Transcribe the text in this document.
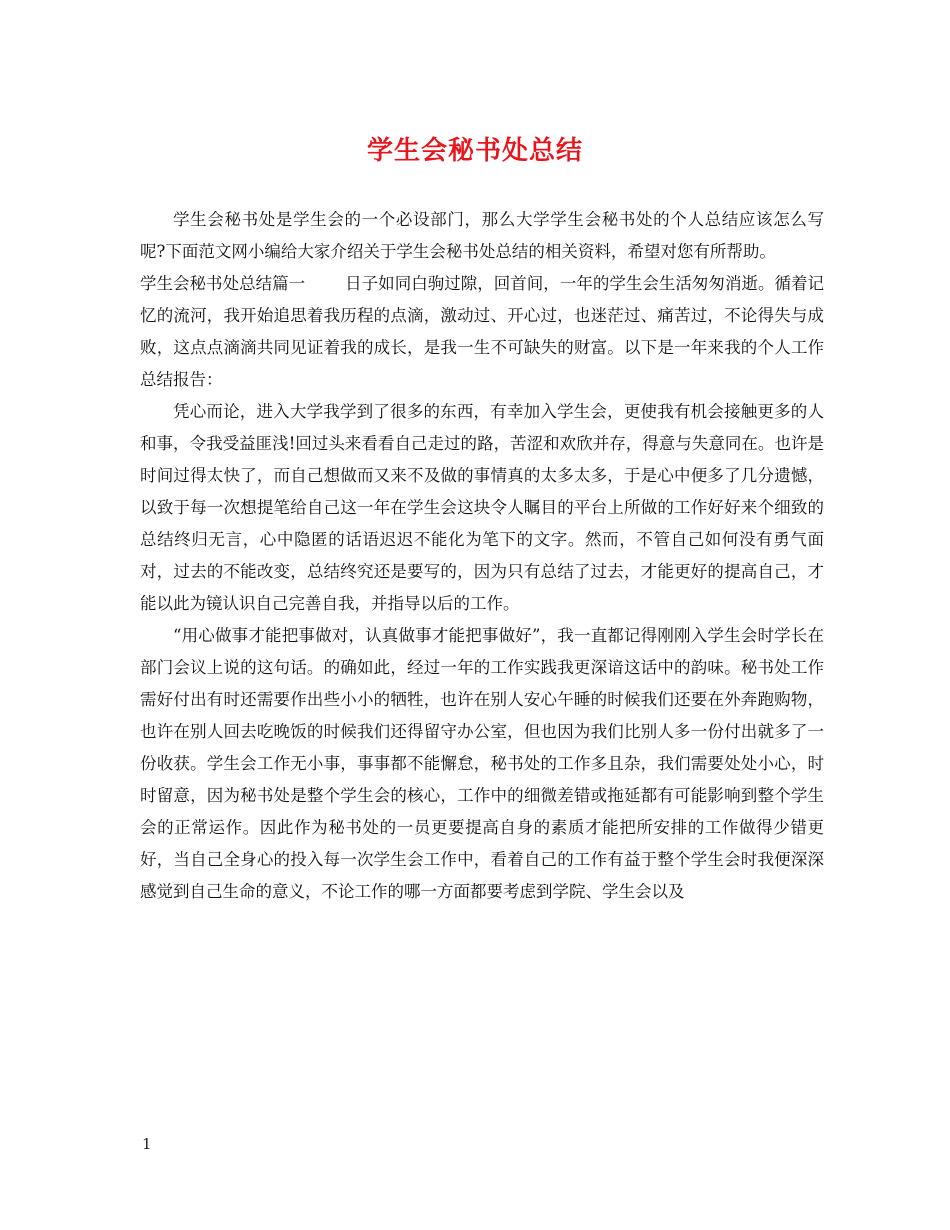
学生会秘书处总结

学生会秘书处是学生会的一个必设部门，那么大学学生会秘书处的个人总结应该怎么写呢?下面范文网小编给大家介绍关于学生会秘书处总结的相关资料，希望对您有所帮助。

学生会秘书处总结篇一 日子如同白驹过隙，回首间，一年的学生会生活匆匆消逝。循着记忆的流河，我开始追思着我历程的点滴，激动过、开心过，也迷茫过、痛苦过，不论得失与成败，这点点滴滴共同见证着我的成长，是我一生不可缺失的财富。以下是一年来我的个人工作总结报告：

凭心而论，进入大学我学到了很多的东西，有幸加入学生会，更使我有机会接触更多的人和事，令我受益匪浅!回过头来看看自己走过的路，苦涩和欢欣并存，得意与失意同在。也许是时间过得太快了，而自己想做而又来不及做的事情真的太多太多，于是心中便多了几分遗憾，以致于每一次想提笔给自己这一年在学生会这块令人瞩目的平台上所做的工作好好来个细致的总结终归无言，心中隐匿的话语迟迟不能化为笔下的文字。然而，不管自己如何没有勇气面对，过去的不能改变，总结终究还是要写的，因为只有总结了过去，才能更好的提高自己，才能以此为镜认识自己完善自我，并指导以后的工作。

“用心做事才能把事做对，认真做事才能把事做好”，我一直都记得刚刚入学生会时学长在部门会议上说的这句话。的确如此，经过一年的工作实践我更深谙这话中的韵味。秘书处工作需好付出有时还需要作出些小小的牺牲，也许在别人安心午睡的时候我们还要在外奔跑购物，也许在别人回去吃晚饭的时候我们还得留守办公室，但也因为我们比别人多一份付出就多了一份收获。学生会工作无小事，事事都不能懈怠，秘书处的工作多且杂，我们需要处处小心，时时留意，因为秘书处是整个学生会的核心，工作中的细微差错或拖延都有可能影响到整个学生会的正常运作。因此作为秘书处的一员更要提高自身的素质才能把所安排的工作做得少错更好，当自己全身心的投入每一次学生会工作中，看着自己的工作有益于整个学生会时我便深深感觉到自己生命的意义，不论工作的哪一方面都要考虑到学院、学生会以及

1
